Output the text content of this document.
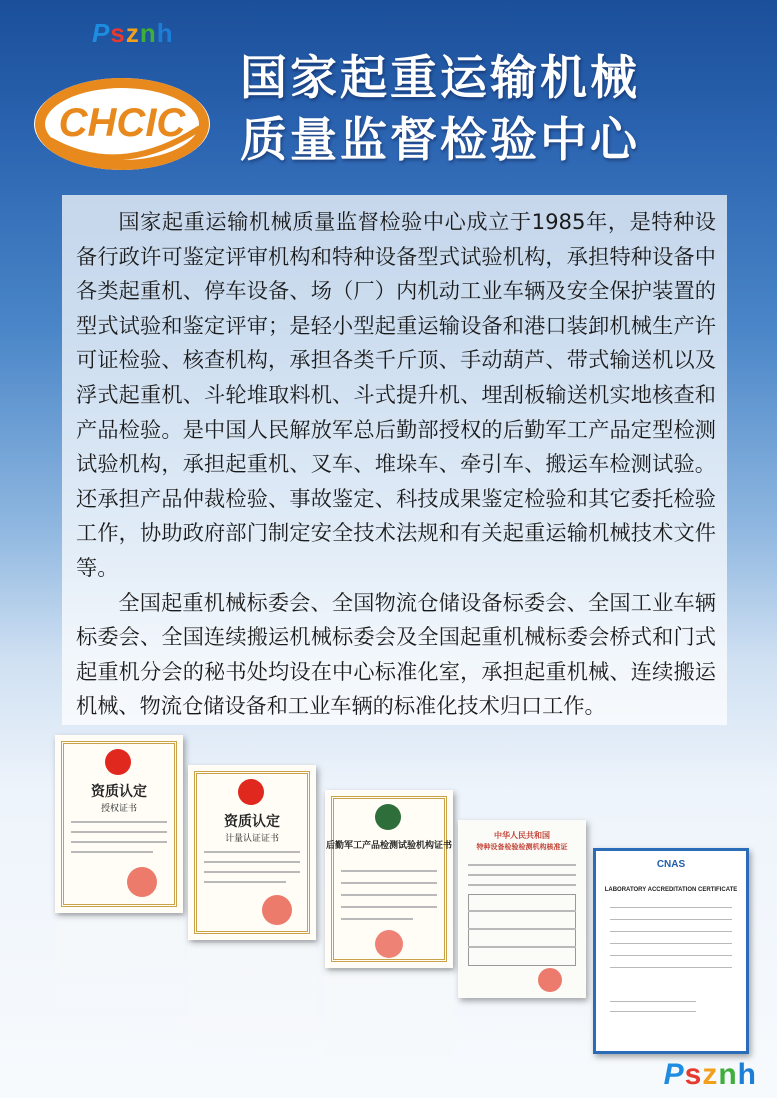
Psznh
CHCIC
国家起重运输机械
质量监督检验中心

国家起重运输机械质量监督检验中心成立于1985年，是特种设备行政许可鉴定评审机构和特种设备型式试验机构，承担特种设备中各类起重机、停车设备、场（厂）内机动工业车辆及安全保护装置的型式试验和鉴定评审；是轻小型起重运输设备和港口装卸机械生产许可证检验、核查机构，承担各类千斤顶、手动葫芦、带式输送机以及浮式起重机、斗轮堆取料机、斗式提升机、埋刮板输送机实地核查和产品检验。是中国人民解放军总后勤部授权的后勤军工产品定型检测试验机构，承担起重机、叉车、堆垛车、牵引车、搬运车检测试验。还承担产品仲裁检验、事故鉴定、科技成果鉴定检验和其它委托检验工作，协助政府部门制定安全技术法规和有关起重运输机械技术文件等。

全国起重机械标委会、全国物流仓储设备标委会、全国工业车辆标委会、全国连续搬运机械标委会及全国起重机械标委会桥式和门式起重机分会的秘书处均设在中心标准化室，承担起重机械、连续搬运机械、物流仓储设备和工业车辆的标准化技术归口工作。

资质认定
授权证书
资质认定
计量认证证书
后勤军工产品检测试验机构证书
中华人民共和国
特种设备检验检测机构核准证
CNAS
LABORATORY ACCREDITATION CERTIFICATE
Psznh
